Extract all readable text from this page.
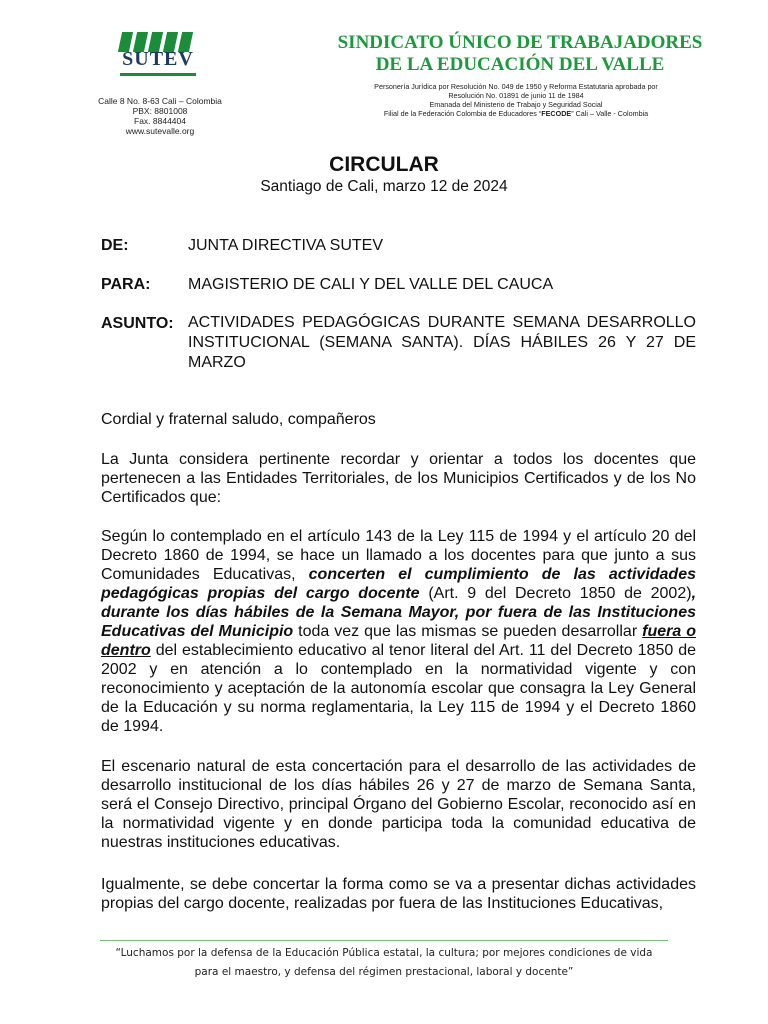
SUTEV
Calle 8 No. 8-63 Cali – Colombia
PBX: 8801008
Fax. 8844404
www.sutevalle.org
SINDICATO ÚNICO DE TRABAJADORES
DE LA EDUCACIÓN DEL VALLE
Personería Jurídica por Resolución No. 049 de 1950 y Reforma Estatutaria aprobada por
Resolución No. 01891 de junio 11 de 1984
Emanada del Ministerio de Trabajo y Seguridad Social
Filial de la Federación Colombia de Educadores “FECODE” Cali – Valle - Colombia
CIRCULAR
Santiago de Cali, marzo 12 de 2024
DE:	JUNTA DIRECTIVA SUTEV
PARA: MAGISTERIO DE CALI Y DEL VALLE DEL CAUCA
ASUNTO: ACTIVIDADES PEDAGÓGICAS DURANTE SEMANA DESARROLLO INSTITUCIONAL (SEMANA SANTA). DÍAS HÁBILES 26 Y 27 DE MARZO

Cordial y fraternal saludo, compañeros

La Junta considera pertinente recordar y orientar a todos los docentes que pertenecen a las Entidades Territoriales, de los Municipios Certificados y de los No Certificados que:

Según lo contemplado en el artículo 143 de la Ley 115 de 1994 y el artículo 20 del Decreto 1860 de 1994, se hace un llamado a los docentes para que junto a sus Comunidades Educativas, concerten el cumplimiento de las actividades pedagógicas propias del cargo docente (Art. 9 del Decreto 1850 de 2002), durante los días hábiles de la Semana Mayor, por fuera de las Instituciones Educativas del Municipio toda vez que las mismas se pueden desarrollar fuera o dentro del establecimiento educativo al tenor literal del Art. 11 del Decreto 1850 de 2002 y en atención a lo contemplado en la normatividad vigente y con reconocimiento y aceptación de la autonomía escolar que consagra la Ley General de la Educación y su norma reglamentaria, la Ley 115 de 1994 y el Decreto 1860 de 1994.

El escenario natural de esta concertación para el desarrollo de las actividades de desarrollo institucional de los días hábiles 26 y 27 de marzo de Semana Santa, será el Consejo Directivo, principal Órgano del Gobierno Escolar, reconocido así en la normatividad vigente y en donde participa toda la comunidad educativa de nuestras instituciones educativas.

Igualmente, se debe concertar la forma como se va a presentar dichas actividades propias del cargo docente, realizadas por fuera de las Instituciones Educativas,

“Luchamos por la defensa de la Educación Pública estatal, la cultura; por mejores condiciones de vida
para el maestro, y defensa del régimen prestacional, laboral y docente”
